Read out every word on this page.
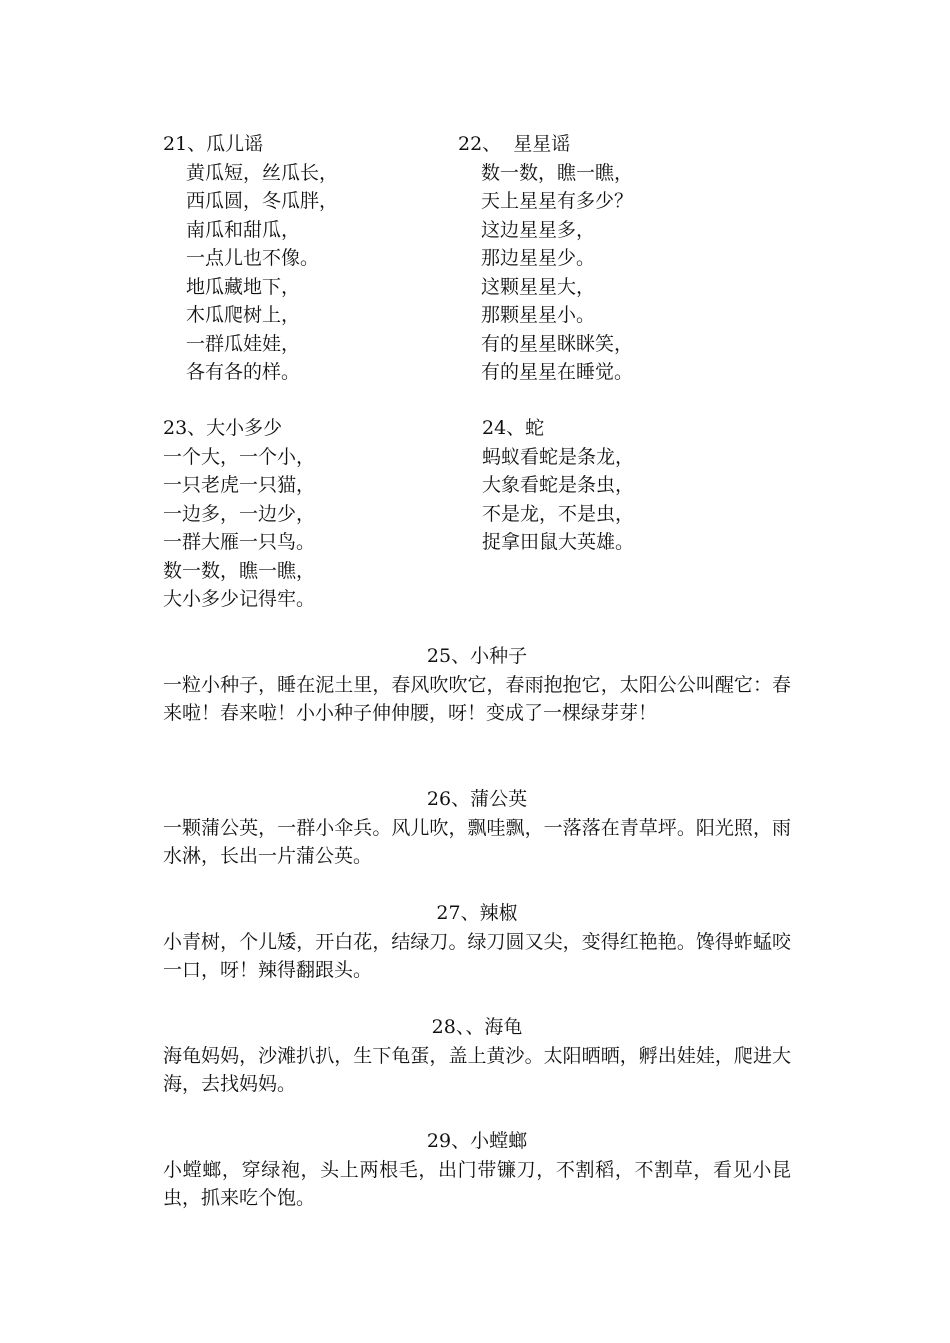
21、瓜儿谣
黄瓜短，丝瓜长，
西瓜圆，冬瓜胖，
南瓜和甜瓜，
一点儿也不像。
地瓜藏地下，
木瓜爬树上，
一群瓜娃娃，
各有各的样。
22、  星星谣
数一数，瞧一瞧，
天上星星有多少？
这边星星多，
那边星星少。
这颗星星大，
那颗星星小。
有的星星眯眯笑，
有的星星在睡觉。
23、大小多少
一个大，一个小，
一只老虎一只猫，
一边多，一边少，
一群大雁一只鸟。
数一数，瞧一瞧，
大小多少记得牢。
24、蛇
蚂蚁看蛇是条龙，
大象看蛇是条虫，
不是龙，不是虫，
捉拿田鼠大英雄。
25、小种子
一粒小种子，睡在泥土里，春风吹吹它，春雨抱抱它，太阳公公叫醒它：春来啦！春来啦！小小种子伸伸腰，呀！变成了一棵绿芽芽！
26、蒲公英
一颗蒲公英，一群小伞兵。风儿吹，飘哇飘，一落落在青草坪。阳光照，雨水淋，长出一片蒲公英。
27、辣椒
小青树，个儿矮，开白花，结绿刀。绿刀圆又尖，变得红艳艳。馋得蚱蜢咬一口，呀！辣得翻跟头。
28、、海龟
海龟妈妈，沙滩扒扒，生下龟蛋，盖上黄沙。太阳晒晒，孵出娃娃，爬进大海，去找妈妈。
29、小螳螂
小螳螂，穿绿袍，头上两根毛，出门带镰刀，不割稻，不割草，看见小昆虫，抓来吃个饱。
